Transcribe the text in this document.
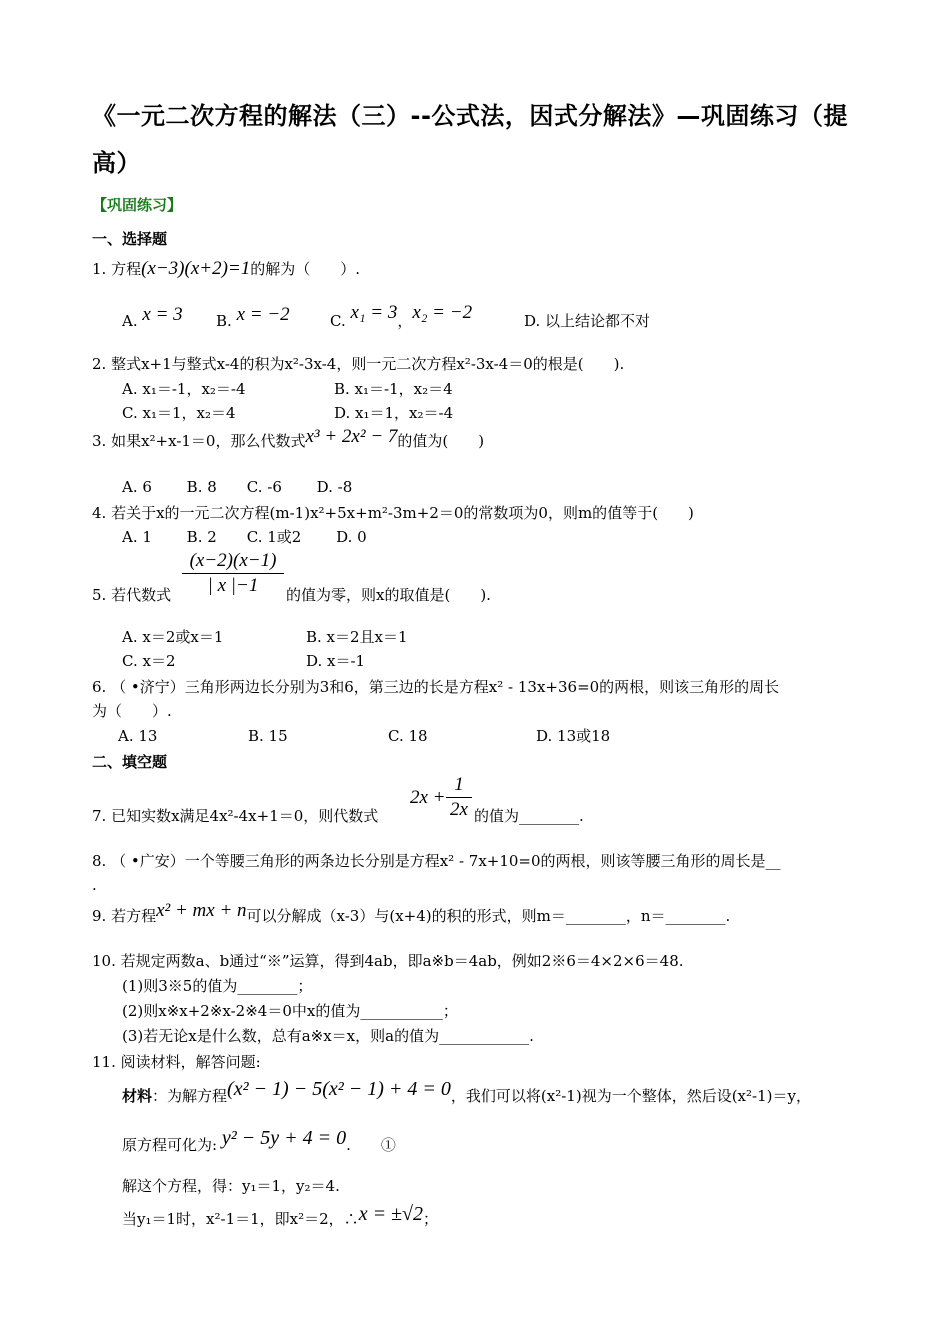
《一元二次方程的解法（三）--公式法，因式分解法》—巩固练习（提
高）
【巩固练习】
一、选择题
1. 方程(x−3)(x+2)=1的解为（　　）.
A. x = 3 B. x = −2	C. x₁ = 3，x₂ = −2	D. 以上结论都不对
2. 整式x+1与整式x-4的积为x²-3x-4，则一元二次方程x²-3x-4＝0的根是(　　).
A. x₁＝-1，x₂＝-4	B. x₁＝-1，x₂＝4
C. x₁＝1，x₂＝4	D. x₁＝1，x₂＝-4
3. 如果x²+x-1＝0，那么代数式x³ + 2x² − 7的值为(　　)
A. 6　　 B. 8　　C. -6　　 D. -8
4. 若关于x的一元二次方程(m-1)x²+5x+m²-3m+2＝0的常数项为0，则m的值等于(　　)
A. 1　　 B. 2　　C. 1或2　　 D. 0
5. 若代数式 $\frac{(x-2)(x-1)}{| x |-1}$ 的值为零，则x的取值是(　　).
A. x＝2或x＝1	B. x＝2且x＝1
C. x＝2	D. x＝-1
6. （ •济宁）三角形两边长分别为3和6，第三边的长是方程x² - 13x+36=0的两根，则该三角形的周长
为（　　）.
A. 13	B. 15	C. 18	D. 13或18
二、填空题
7. 已知实数x满足4x²-4x+1＝0，则代数式
$2x + \frac{1}{2x}$ 的值为________.
8. （ •广安）一个等腰三角形的两条边长分别是方程x² - 7x+10=0的两根，则该等腰三角形的周长是__
.
9. 若方程x² + mx + n可以分解成（x-3）与(x+4)的积的形式，则m＝________，n＝________.
10. 若规定两数a、b通过“※”运算，得到4ab，即a※b＝4ab，例如2※6＝4×2×6＝48.
(1)则3※5的值为________；
(2)则x※x+2※x-2※4＝0中x的值为___________；
(3)若无论x是什么数，总有a※x＝x，则a的值为____________.
11. 阅读材料，解答问题:
材料：为解方程(x² − 1) − 5(x² − 1) + 4 = 0，我们可以将(x²-1)视为一个整体，然后设(x²-1)＝y，
原方程可化为: y² − 5y + 4 = 0.　　①
解这个方程，得：y₁＝1，y₂＝4.
当y₁＝1时，x²-1＝1，即x²＝2，∴x = ±√2；
